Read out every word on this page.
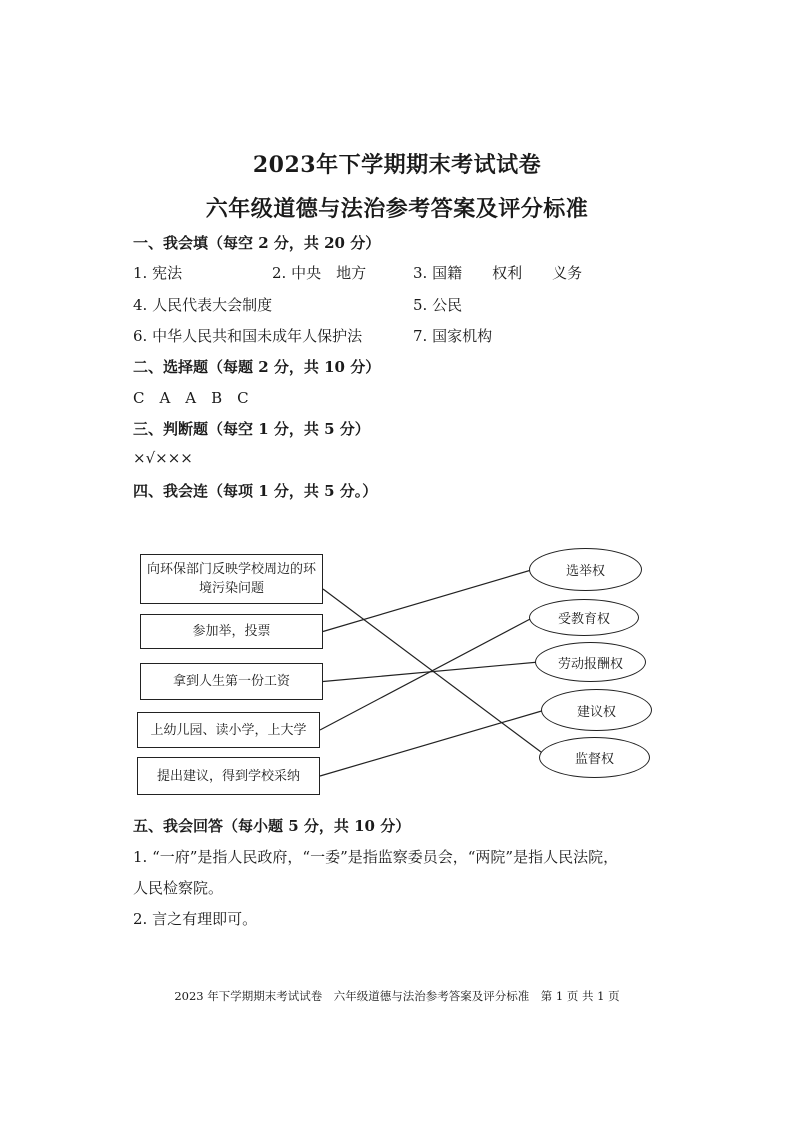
2023年下学期期末考试试卷
六年级道德与法治参考答案及评分标准
一、我会填（每空 2 分，共 20 分）
1. 宪法	2. 中央　地方	3. 国籍　　权利　　义务
4. 人民代表大会制度	5. 公民
6. 中华人民共和国未成年人保护法	7. 国家机构
二、选择题（每题 2 分，共 10 分）
C　A　A　B　C
三、判断题（每空 1 分，共 5 分）
×√×××
四、我会连（每项 1 分，共 5 分。）
向环保部门反映学校周边的环境污染问题
参加举，投票
拿到人生第一份工资
上幼儿园、读小学，上大学
提出建议，得到学校采纳
选举权
受教育权
劳动报酬权
建议权
监督权
五、我会回答（每小题 5 分，共 10 分）
1. “一府”是指人民政府，“一委”是指监察委员会，“两院”是指人民法院，
人民检察院。
2. 言之有理即可。
2023 年下学期期末考试试卷　六年级道德与法治参考答案及评分标准　第 1 页 共 1 页
